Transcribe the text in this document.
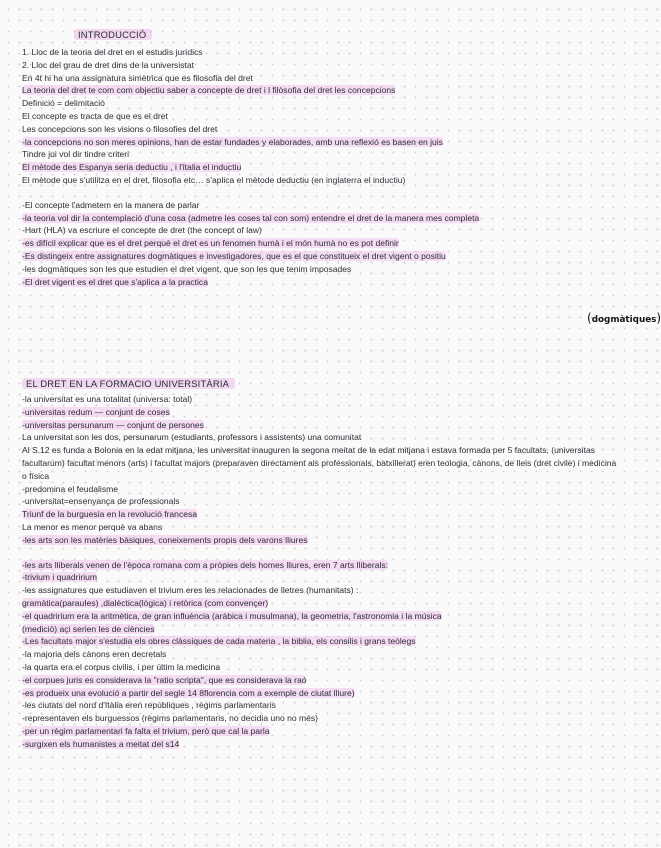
INTRODUCCIÓ
1. Lloc de la teoria del dret en el estudis jurídics
2. Lloc del grau de dret dins de la universistat
En 4t hi ha una assignatura simètrica que es filosofia del dret
La teoria del dret te com com objectiu saber a concepte de dret i l filòsofia del dret les concepcions
Definició = delimitació
El concepte es tracta de que es el dret
Les concepcions son les visions o filosofies del dret
-la concepcions no son meres opinions, han de estar fundades y elaborades, amb una reflexió es basen en juis
Tindre jui vol dir tindre criteri
El mètode des Espanya seria deductiu , i l'italia el inductiu
El mètode que s'utilitza en el dret, filosofia etc… s'aplica el mètode deductiu (en inglaterra el inductiu)
-El concepte l'admetem en la manera de parlar
-la teoria vol dir la contemplació d'una cosa (admetre les coses tal con som) entendre el dret de la manera mes completa
-Hart (HLA) va escriure el concepte de dret (the concept of law)
-es difícil explicar que es el dret perquè el dret es un fenomen humà i el món humà no es pot definir
-Es distingeix entre assignatures dogmàtiques e investigadores, que es el que constitueix el dret vigent o positiu
-les dogmàtiques son les que estudien el dret vigent, que son les que tenim imposades
-El dret vigent es el dret que s'aplica a la practica
EL DRET EN LA FORMACIO UNIVERSITÀRIA
-la universitat es una totalitat (universa: total)
-universitas redum — conjunt de coses
-universitas persunarum — conjunt de persones
La universitat son les dos, persunarum (estudiants, professors i assistents) una comunitat
Al S.12 es funda a Bolonia en la edat mitjana, les universitat inauguren la segona meitat de la edat mitjana i estava formada per 5 facultats, (universitas facultarum) facultat menors (arts) i facultat majors (preparaven directament als professionals, batxillerat) eren teologia, cànons, de lleis (dret civile) i medicina o física
-predomina el feudalisme
-universitat=ensenyança de professionals
Triunf de la burguesia en la revolució francesa
La menor es menor perquè va abans
-les arts son les matèries bàsiques, coneixements propis dels varons lliures
-les arts lliberals venen de l'època romana com a pròpies dels homes lliures, eren 7 arts lliberals:
-trivium i quadririum
-les assignatures que estudiaven el trivium eres les relacionades de lletres (humanitats) :
gramàtica(parauIes) ,dialèctica(lògica) i retòrica (com convençer)
-el quadririum era la aritmètica, de gran influència (aràbica i musulmana), la geometria, l'astronomia i la música
(mediciò) açi serien les de ciències
-Les facultats major s'estudia els obres clàssiques de cada materia , la biblia, els consilis i grans teòlegs
-la majoria dels cànons eren decretals
-la quarta era el corpus civilis, i per últim la medicina
-el corpues juris es considerava la "ratio scripta", que es considerava la raó
-es produeix una evolució a partir del segle 14 8florencia com a exemple de ciutat lliure)
-les ciutats del nord d'Itàlia eren repúbliques , règims parlamentaris
-representaven els burguessos (règims parlamentaris, no decidia uno no més)
-per un règim parlamentari fa falta el trivium, però que cal la parla
-surgixen els humanistes a meitat del s14
(dogmàtiques)
